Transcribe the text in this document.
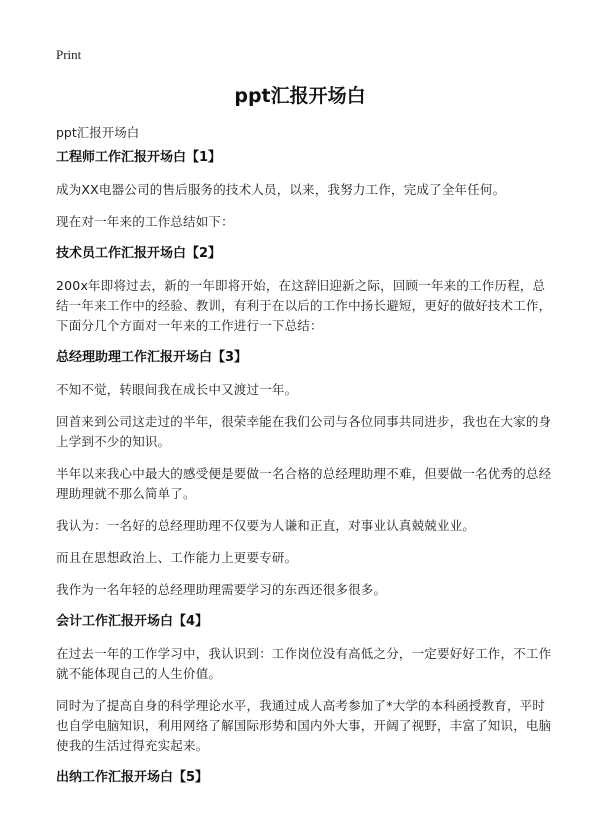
Print
ppt汇报开场白
ppt汇报开场白
工程师工作汇报开场白【1】
成为XX电器公司的售后服务的技术人员，以来，我努力工作，完成了全年任何。
现在对一年来的工作总结如下：
技术员工作汇报开场白【2】
200x年即将过去，新的一年即将开始，在这辞旧迎新之际，回顾一年来的工作历程，总结一年来工作中的经验、教训，有利于在以后的工作中扬长避短，更好的做好技术工作，下面分几个方面对一年来的工作进行一下总结：
总经理助理工作汇报开场白【3】
不知不觉，转眼间我在成长中又渡过一年。
回首来到公司这走过的半年，很荣幸能在我们公司与各位同事共同进步，我也在大家的身上学到不少的知识。
半年以来我心中最大的感受便是要做一名合格的总经理助理不难，但要做一名优秀的总经理助理就不那么简单了。
我认为：一名好的总经理助理不仅要为人谦和正直，对事业认真兢兢业业。
而且在思想政治上、工作能力上更要专研。
我作为一名年轻的总经理助理需要学习的东西还很多很多。
会计工作汇报开场白【4】
在过去一年的工作学习中，我认识到：工作岗位没有高低之分，一定要好好工作，不工作就不能体现自己的人生价值。
同时为了提高自身的科学理论水平，我通过成人高考参加了*大学的本科函授教育，平时也自学电脑知识，利用网络了解国际形势和国内外大事，开阔了视野，丰富了知识，电脑使我的生活过得充实起来。
出纳工作汇报开场白【5】
